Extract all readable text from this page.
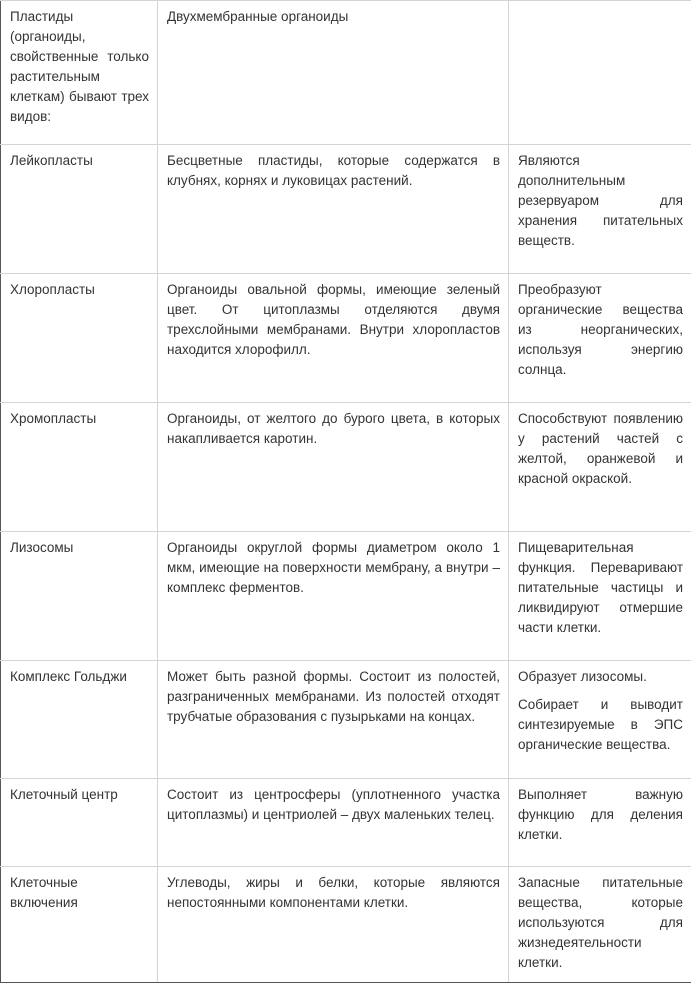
Пластиды (органоиды, свойственные только растительным клеткам) бывают трех видов:	Двухмембранные органоиды	
Лейкопласты	Бесцветные пластиды, которые содержатся в клубнях, корнях и луковицах растений.	Являются дополнительным резервуаром для хранения питательных веществ.
Хлоропласты	Органоиды овальной формы, имеющие зеленый цвет. От цитоплазмы отделяются двумя трехслойными мембранами. Внутри хлоропластов находится хлорофилл.	Преобразуют органические вещества из неорганических, используя энергию солнца.
Хромопласты	Органоиды, от желтого до бурого цвета, в которых накапливается каротин.	Способствуют появлению у растений частей с желтой, оранжевой и красной окраской.
Лизосомы	Органоиды округлой формы диаметром около 1 мкм, имеющие на поверхности мембрану, а внутри – комплекс ферментов.	Пищеварительная функция. Переваривают питательные частицы и ликвидируют отмершие части клетки.
Комплекс Гольджи	Может быть разной формы. Состоит из полостей, разграниченных мембранами. Из полостей отходят трубчатые образования с пузырьками на концах.	Образует лизосомы.

Собирает и выводит синтезируемые в ЭПС органические вещества.

Клеточный центр	Состоит из центросферы (уплотненного участка цитоплазмы) и центриолей – двух маленьких телец.	Выполняет важную функцию для деления клетки.
Клеточные включения	Углеводы, жиры и белки, которые являются непостоянными компонентами клетки.	Запасные питательные вещества, которые используются для жизнедеятельности клетки.
